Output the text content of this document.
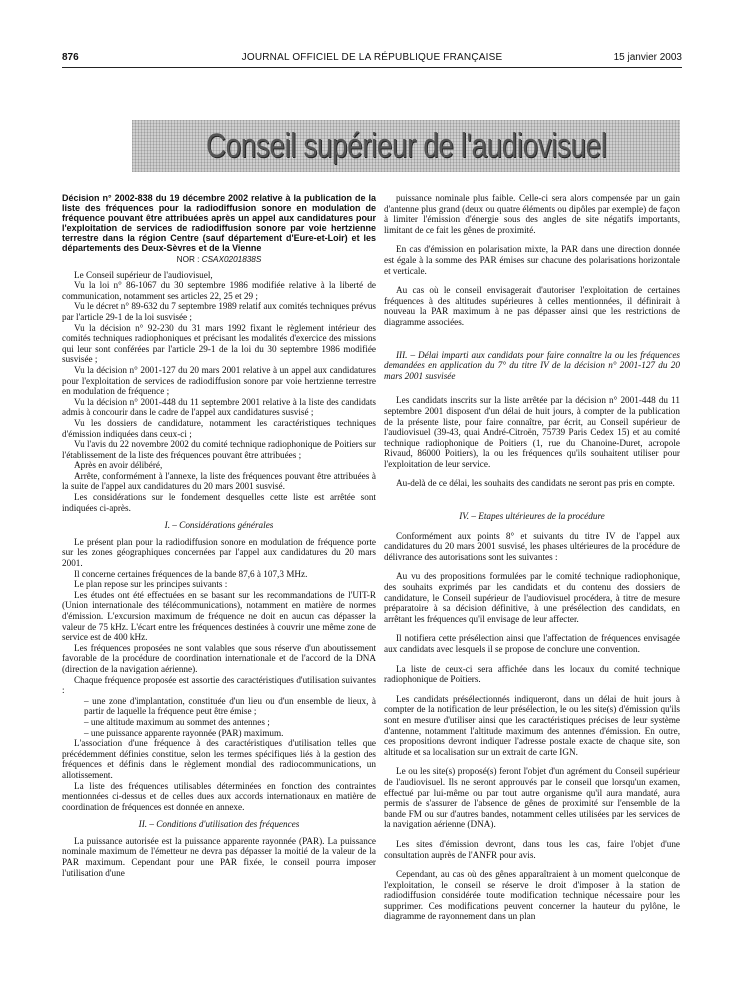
876	JOURNAL OFFICIEL DE LA RÉPUBLIQUE FRANÇAISE	15 janvier 2003
Conseil supérieur de l'audiovisuel

Décision n° 2002-838 du 19 décembre 2002 relative à la publication de la liste des fréquences pour la radiodiffusion sonore en modulation de fréquence pouvant être attribuées après un appel aux candidatures pour l'exploitation de services de radiodiffusion sonore par voie hertzienne terrestre dans la région Centre (sauf département d'Eure-et-Loir) et les départements des Deux-Sèvres et de la Vienne

NOR : CSAX0201838S

Le Conseil supérieur de l'audiovisuel,

Vu la loi n° 86-1067 du 30 septembre 1986 modifiée relative à la liberté de communication, notamment ses articles 22, 25 et 29 ;

Vu le décret n° 89-632 du 7 septembre 1989 relatif aux comités techniques prévus par l'article 29-1 de la loi susvisée ;

Vu la décision n° 92-230 du 31 mars 1992 fixant le règlement intérieur des comités techniques radiophoniques et précisant les modalités d'exercice des missions qui leur sont conférées par l'article 29-1 de la loi du 30 septembre 1986 modifiée susvisée ;

Vu la décision n° 2001-127 du 20 mars 2001 relative à un appel aux candidatures pour l'exploitation de services de radiodiffusion sonore par voie hertzienne terrestre en modulation de fréquence ;

Vu la décision n° 2001-448 du 11 septembre 2001 relative à la liste des candidats admis à concourir dans le cadre de l'appel aux candidatures susvisé ;

Vu les dossiers de candidature, notamment les caractéristiques techniques d'émission indiquées dans ceux-ci ;

Vu l'avis du 22 novembre 2002 du comité technique radiophonique de Poitiers sur l'établissement de la liste des fréquences pouvant être attribuées ;

Après en avoir délibéré,

Arrête, conformément à l'annexe, la liste des fréquences pouvant être attribuées à la suite de l'appel aux candidatures du 20 mars 2001 susvisé.

Les considérations sur le fondement desquelles cette liste est arrêtée sont indiquées ci-après.

I. – Considérations générales

Le présent plan pour la radiodiffusion sonore en modulation de fréquence porte sur les zones géographiques concernées par l'appel aux candidatures du 20 mars 2001.

Il concerne certaines fréquences de la bande 87,6 à 107,3 MHz.

Le plan repose sur les principes suivants :

Les études ont été effectuées en se basant sur les recommandations de l'UIT-R (Union internationale des télécommunications), notamment en matière de normes d'émission. L'excursion maximum de fréquence ne doit en aucun cas dépasser la valeur de 75 kHz. L'écart entre les fréquences destinées à couvrir une même zone de service est de 400 kHz.

Les fréquences proposées ne sont valables que sous réserve d'un aboutissement favorable de la procédure de coordination internationale et de l'accord de la DNA (direction de la navigation aérienne).

Chaque fréquence proposée est assortie des caractéristiques d'utilisation suivantes :

– une zone d'implantation, constituée d'un lieu ou d'un ensemble de lieux, à partir de laquelle la fréquence peut être émise ;

– une altitude maximum au sommet des antennes ;

– une puissance apparente rayonnée (PAR) maximum.

L'association d'une fréquence à des caractéristiques d'utilisation telles que précédemment définies constitue, selon les termes spécifiques liés à la gestion des fréquences et définis dans le règlement mondial des radiocommunications, un allotissement.

La liste des fréquences utilisables déterminées en fonction des contraintes mentionnées ci-dessus et de celles dues aux accords internationaux en matière de coordination de fréquences est donnée en annexe.

II. – Conditions d'utilisation des fréquences

La puissance autorisée est la puissance apparente rayonnée (PAR). La puissance nominale maximum de l'émetteur ne devra pas dépasser la moitié de la valeur de la PAR maximum. Cependant pour une PAR fixée, le conseil pourra imposer l'utilisation d'une

puissance nominale plus faible. Celle-ci sera alors compensée par un gain d'antenne plus grand (deux ou quatre éléments ou dipôles par exemple) de façon à limiter l'émission d'énergie sous des angles de site négatifs importants, limitant de ce fait les gênes de proximité.

En cas d'émission en polarisation mixte, la PAR dans une direction donnée est égale à la somme des PAR émises sur chacune des polarisations horizontale et verticale.

Au cas où le conseil envisagerait d'autoriser l'exploitation de certaines fréquences à des altitudes supérieures à celles mentionnées, il définirait à nouveau la PAR maximum à ne pas dépasser ainsi que les restrictions de diagramme associées.

III. – Délai imparti aux candidats pour faire connaître la ou les fréquences demandées en application du 7° du titre IV de la décision n° 2001-127 du 20 mars 2001 susvisée

Les candidats inscrits sur la liste arrêtée par la décision n° 2001-448 du 11 septembre 2001 disposent d'un délai de huit jours, à compter de la publication de la présente liste, pour faire connaître, par écrit, au Conseil supérieur de l'audiovisuel (39-43, quai André-Citroën, 75739 Paris Cedex 15) et au comité technique radiophonique de Poitiers (1, rue du Chanoine-Duret, acropole Rivaud, 86000 Poitiers), la ou les fréquences qu'ils souhaitent utiliser pour l'exploitation de leur service.

Au-delà de ce délai, les souhaits des candidats ne seront pas pris en compte.

IV. – Etapes ultérieures de la procédure

Conformément aux points 8° et suivants du titre IV de l'appel aux candidatures du 20 mars 2001 susvisé, les phases ultérieures de la procédure de délivrance des autorisations sont les suivantes :

Au vu des propositions formulées par le comité technique radiophonique, des souhaits exprimés par les candidats et du contenu des dossiers de candidature, le Conseil supérieur de l'audiovisuel procédera, à titre de mesure préparatoire à sa décision définitive, à une présélection des candidats, en arrêtant les fréquences qu'il envisage de leur affecter.

Il notifiera cette présélection ainsi que l'affectation de fréquences envisagée aux candidats avec lesquels il se propose de conclure une convention.

La liste de ceux-ci sera affichée dans les locaux du comité technique radiophonique de Poitiers.

Les candidats présélectionnés indiqueront, dans un délai de huit jours à compter de la notification de leur présélection, le ou les site(s) d'émission qu'ils sont en mesure d'utiliser ainsi que les caractéristiques précises de leur système d'antenne, notamment l'altitude maximum des antennes d'émission. En outre, ces propositions devront indiquer l'adresse postale exacte de chaque site, son altitude et sa localisation sur un extrait de carte IGN.

Le ou les site(s) proposé(s) feront l'objet d'un agrément du Conseil supérieur de l'audiovisuel. Ils ne seront approuvés par le conseil que lorsqu'un examen, effectué par lui-même ou par tout autre organisme qu'il aura mandaté, aura permis de s'assurer de l'absence de gênes de proximité sur l'ensemble de la bande FM ou sur d'autres bandes, notamment celles utilisées par les services de la navigation aérienne (DNA).

Les sites d'émission devront, dans tous les cas, faire l'objet d'une consultation auprès de l'ANFR pour avis.

Cependant, au cas où des gênes apparaîtraient à un moment quelconque de l'exploitation, le conseil se réserve le droit d'imposer à la station de radiodiffusion considérée toute modification technique nécessaire pour les supprimer. Ces modifications peuvent concerner la hauteur du pylône, le diagramme de rayonnement dans un plan
